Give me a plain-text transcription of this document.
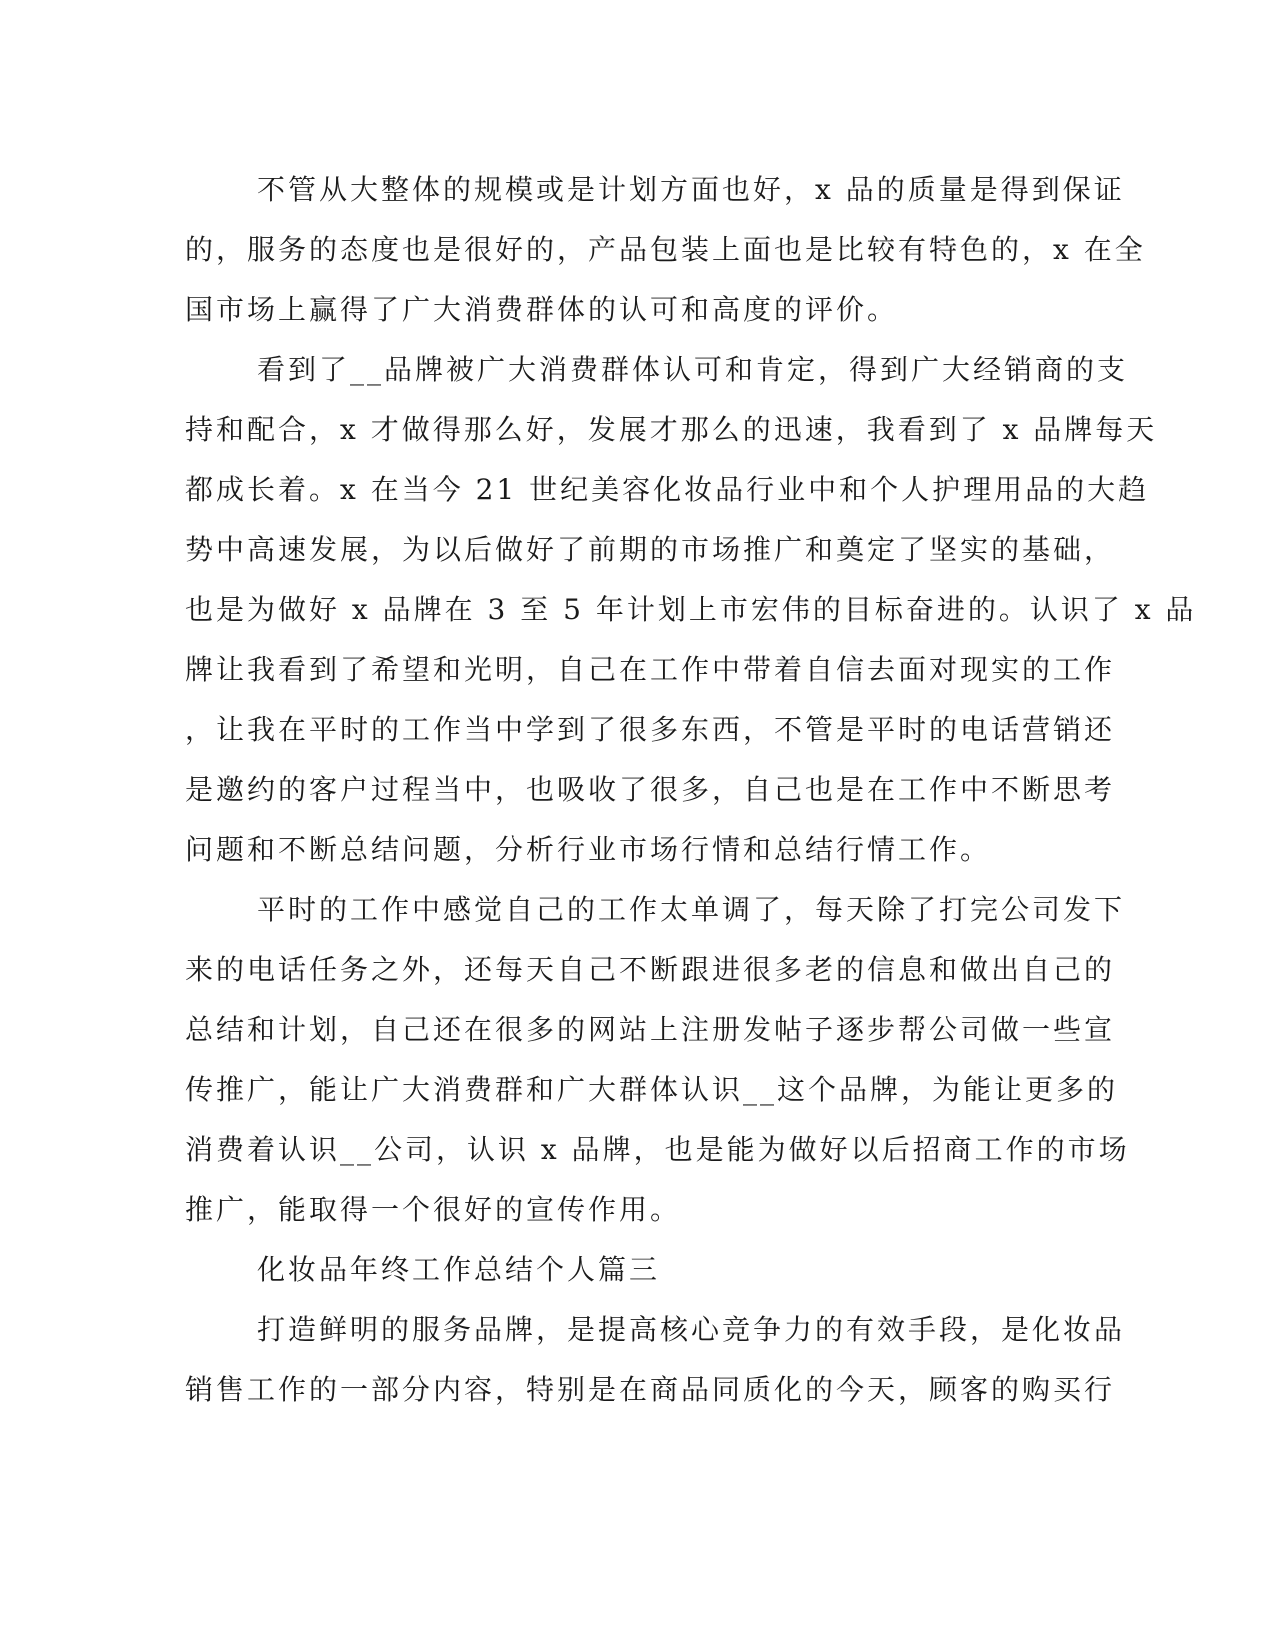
不管从大整体的规模或是计划方面也好，x 品的质量是得到保证
的，服务的态度也是很好的，产品包装上面也是比较有特色的，x 在全
国市场上赢得了广大消费群体的认可和高度的评价。
看到了__品牌被广大消费群体认可和肯定，得到广大经销商的支
持和配合，x 才做得那么好，发展才那么的迅速，我看到了 x 品牌每天
都成长着。x 在当今 21 世纪美容化妆品行业中和个人护理用品的大趋
势中高速发展，为以后做好了前期的市场推广和奠定了坚实的基础，
也是为做好 x 品牌在 3 至 5 年计划上市宏伟的目标奋进的。认识了 x 品
牌让我看到了希望和光明，自己在工作中带着自信去面对现实的工作
，让我在平时的工作当中学到了很多东西，不管是平时的电话营销还
是邀约的客户过程当中，也吸收了很多，自己也是在工作中不断思考
问题和不断总结问题，分析行业市场行情和总结行情工作。
平时的工作中感觉自己的工作太单调了，每天除了打完公司发下
来的电话任务之外，还每天自己不断跟进很多老的信息和做出自己的
总结和计划，自己还在很多的网站上注册发帖子逐步帮公司做一些宣
传推广，能让广大消费群和广大群体认识__这个品牌，为能让更多的
消费着认识__公司，认识 x 品牌，也是能为做好以后招商工作的市场
推广，能取得一个很好的宣传作用。
化妆品年终工作总结个人篇三
打造鲜明的服务品牌，是提高核心竞争力的有效手段，是化妆品
销售工作的一部分内容，特别是在商品同质化的今天，顾客的购买行
